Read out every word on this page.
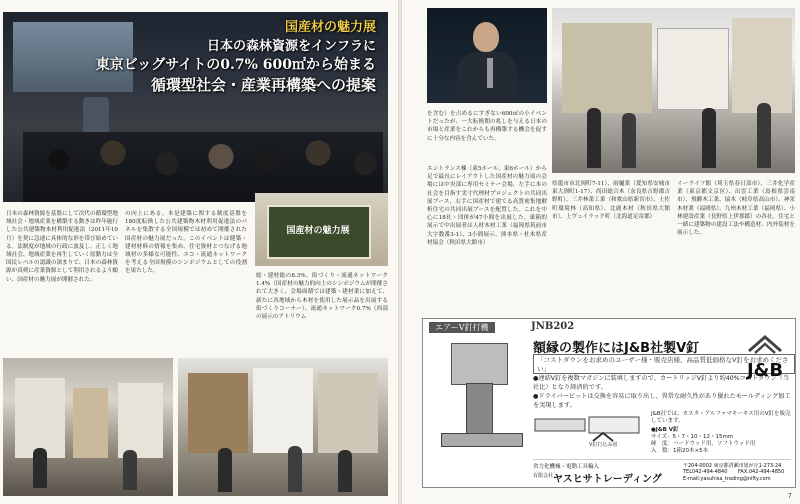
国産材の魅力展
日本の森林資源をインフラに
東京ビッグサイトの0.7% 600㎡から始まる
循環型社会・産業再構築への提案
国産材の魅力展
日本の森林資源を基盤にして次代の循環型地域社会・地域産業を構築する動きは昨年施行した公共建築物木材利用促進法（2011年10月）を契に急速に具体的な形を帯び始めている。法制度が地域の行政に波及し、正しく地域社会、地域産業を再生していく原動力は全国民レベルの認識の深まりで、日本の森林資源が真剣に産業資源として利用されるよう願い、国産材の魅力展が開催された。
の向上にある。本是建築に関する制度基盤を180度転換した公共建築物木材利用促進法のパネルを集散する全国規模では初めて開催された国産材の魅力展だった。このイベントは健築・建材材料の情報を集め、住宅資材とつなげる地域材の多様な可能性、エコ・流通ネットワークを考える全国規模のシンポジウムとしての役割を果たした。
総・建材総の8.3%、街づくり・流通ネットワーク1.4%（国産材の魅力的向上のシンポジウムが開催されて大きく、会場面積では建築・建材業に加えて、新たに各地域から木材を使用した展示品を出展する街づくりコーナー）、流通ネットワーク0.7%（西部の展示のアトリウム
を含む）を占めるにすぎない600㎡の小イベントだったが、一大転換期の兆しを与える日本の市場と産業をこれからも再構築する機会を促すに十分な内容を含んでいた。
エントランス棟（東5ホール、東6ホール）から足で最長にレイアウトした国産材の魅力展の会場には中央部に専用セミナー会場、左手に本の社会を目指す実寸代理材プロジェクトの共同出展ブース、右手に国産材で建てる高質密集地解析住宅の共同出展ブースを配置した。これを中心に18社・団体が47小間を出展した。巣箱的展示で中出展者は人材木材工業（福岡県筑前市大字数番3-1）、3小間展示、熊本県・杜木県産材協会（秋田県大館市）
県龍市市北岡町7-11）、雨樋業（愛知県安城市東大渕町1-17）、尚田総合木（奈良県吉野郡吉野町）、三井林業工業（和歌山県新宮市）、土佐町環境林（高知県）、北鹿木材（秋田県大館市）、上ヴュイラック町（北海道足寄郡）
イーライフ館（埼玉県春日部市）、三井化学産業（東京都文京区）、出雲工業（島根県雲南市）、飛騨木工業、協木（岐阜県高山市）、神栄木材業（福岡県）、九州木材工業（福岡県）、小林建設産業（長野県上伊那郡）の各社。住宅と一緒に建築物の建設工法や構造材、内外装材を展示した。
エアーV釘打機	JNB202
額縁の製作にはJ&B社製V釘
「コストダウンをお求めのユーザー様・販売店様、高品質低価格なV釘をお求めください」
●連結V釘を複数マガジンに装填しますので、カートリッジV釘より約40%コストダウン（当社比）となり経済的です。
●ドライバービットは交換を容易に取り出し、異常な耐久性があり優れたモールディング加工を実現します。
J&B
V釘打込み図
J&B社では、カスタ・アルファマキーキス用のV釘を販売しています。
●J&B V釘
サイズ：5・7・10・12・15mm
硬　度：ハードウッド用、ソフトウッド用
入　数：1箱20本×5本
省力化機械・電動工具輸入
有限会社 ヤスヒサトレーディング
〒204-0002 東京都清瀬市旭が丘1-273-24
TEL042-494-4840 FAX.042-494-4850
E-mail:yasuhisa_trading@nifty.com
7
